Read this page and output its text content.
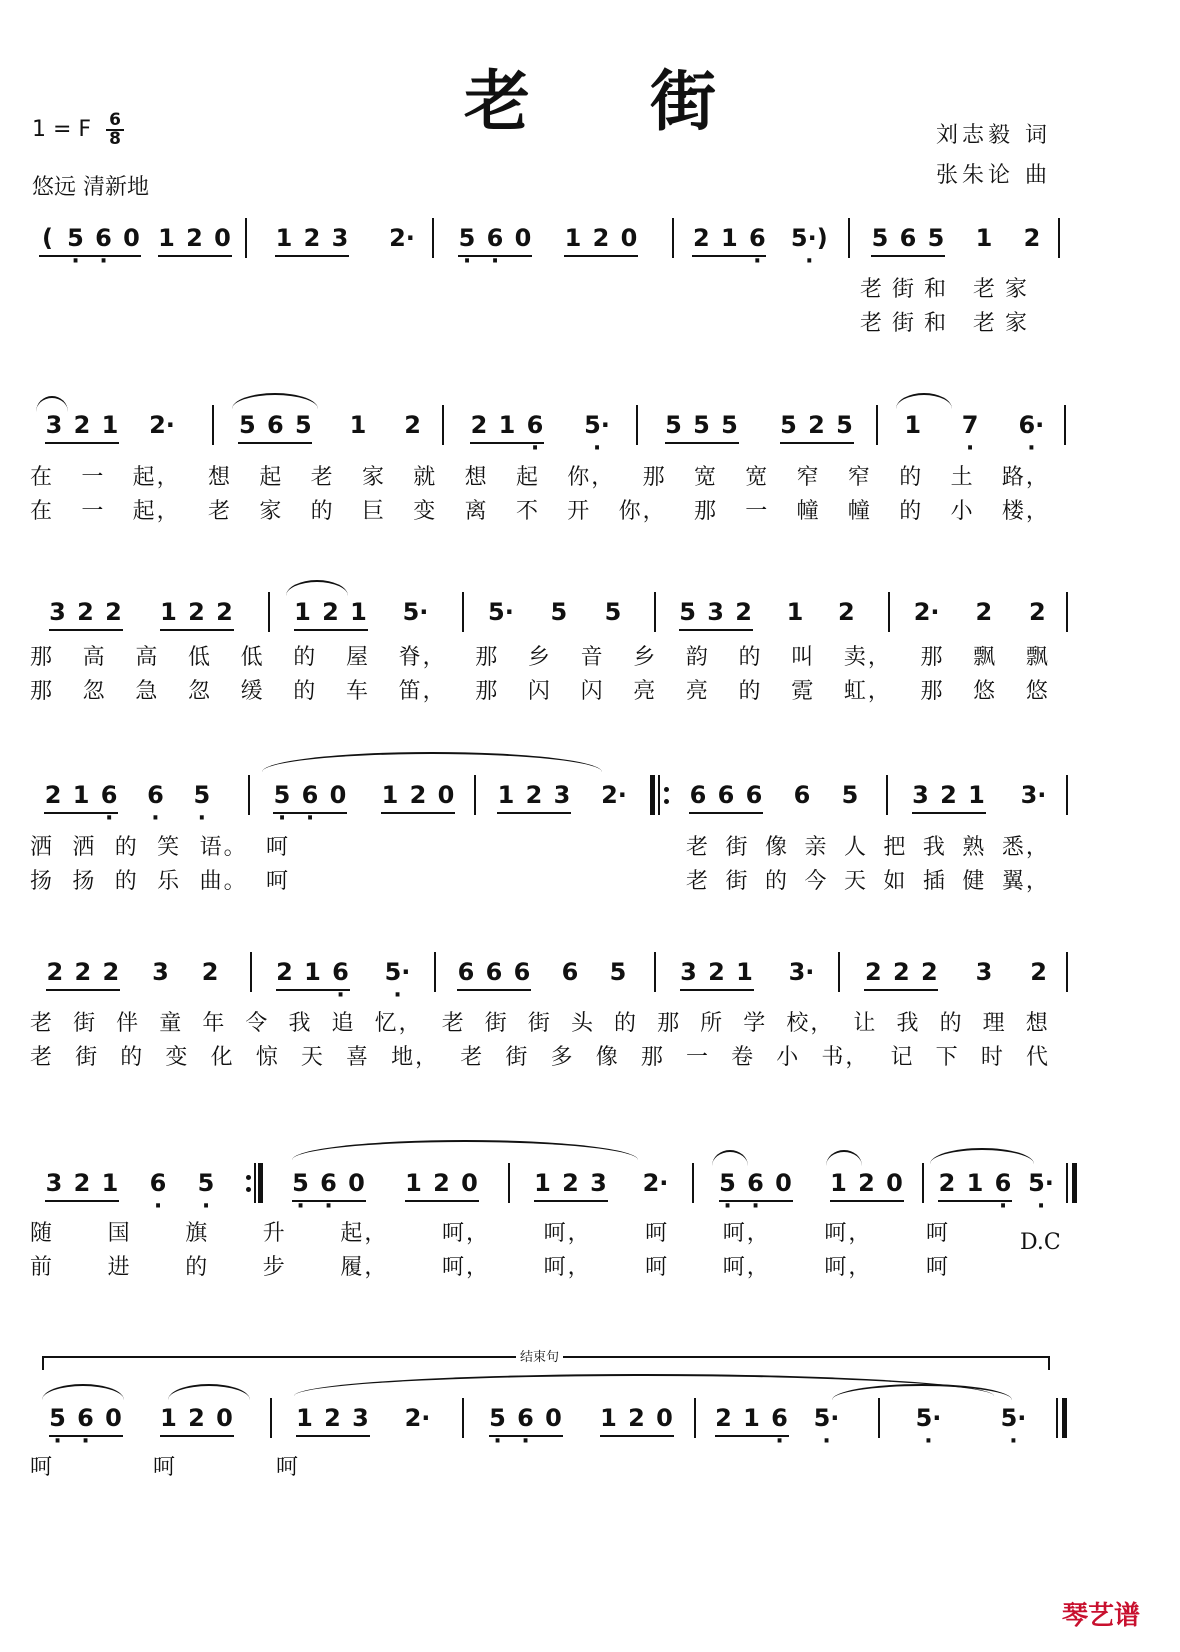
老街
1 = F $\frac{6}{8}$
悠远 清新地
刘志毅 词
张朱论 曲
( · 5 · 6 0 1 2 0 1 2 3 2· · 5 · 6 0 1 2 0 2 1 · 6 · 5·) 5 6 5 1 2
老街和 老家
老街和 老家
3 2 1 2·	5 6 5 1 2 2 1 · 6 · 5· 5 5 5 5 2 5 1 · 7 · 6·
在 一 起， 想 起 老 家 就 想 起 你， 那 宽 宽 窄 窄 的 土 路，
在 一 起， 老 家 的 巨 变 离 不 开 你， 那 一 幢 幢 的 小 楼，
3 2 2 1 2 2	1 2 1 5· 5· 5 5 5 3 2 1 2 2· 2 2
那 高 高 低 低 的 屋 脊， 那 乡 音 乡 韵 的 叫 卖， 那 飘 飘
那 忽 急 忽 缓 的 车 笛， 那 闪 闪 亮 亮 的 霓 虹， 那 悠 悠
2 1 · 6 · 6 · 5	· 5 · 6 0 1 2 0 1 2 3 2·	6 6 6 6 5 3 2 1 3·
洒 洒 的 笑 语。 呵
扬 扬 的 乐 曲。 呵
老 街 像 亲 人 把 我 熟 悉，
老 街 的 今 天 如 插 健 翼，
2 2 2 3 2 2 1 · 6 · 5· 6 6 6 6 5 3 2 1 3· 2 2 2 3 2
老 街 伴 童 年 令 我 追 忆， 老 街 街 头 的 那 所 学 校， 让 我 的 理 想
老 街 的 变 化 惊 天 喜 地， 老 街 多 像 那 一 卷 小 书， 记 下 时 代
3 2 1 · 6 · 5	· 5 · 6 0 1 2 0 1 2 3 2· · 5 · 6 0 1 2 0 2 1 · 6 · 5·
随 国 旗 升 起， 呵， 呵， 呵 呵， 呵， 呵
前 进 的 步 履， 呵， 呵， 呵 呵， 呵， 呵
D.C
结束句
· 5 · 6 0 1 2 0	1 2 3 2· · 5 · 6 0 1 2 0 2 1 · 6 · 5·	· 5· · 5·
呵	呵	呵
琴艺谱
